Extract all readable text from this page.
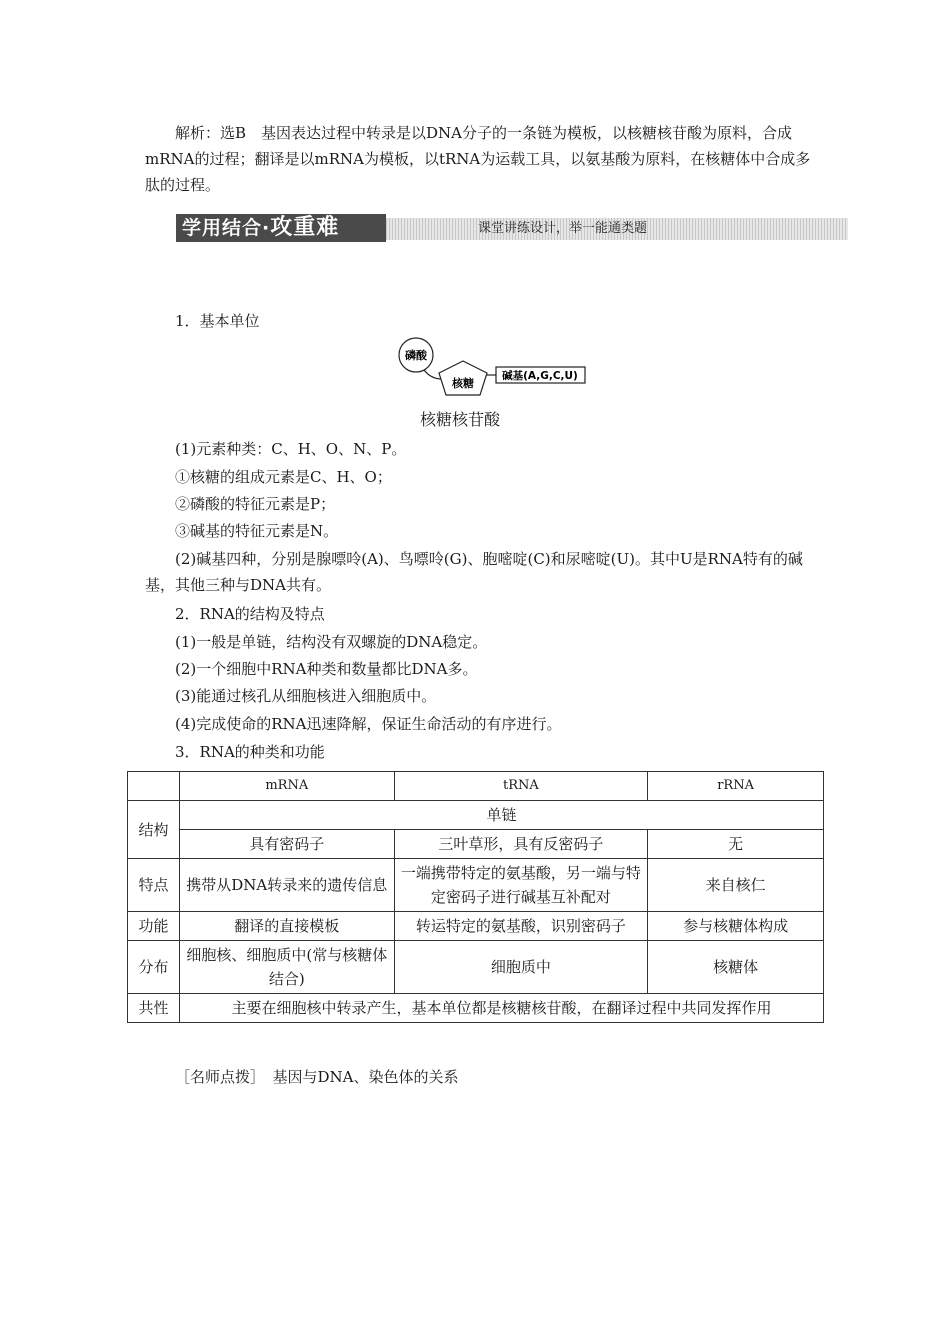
解析：选B　基因表达过程中转录是以DNA分子的一条链为模板，以核糖核苷酸为原料，合成mRNA的过程；翻译是以mRNA为模板，以tRNA为运载工具，以氨基酸为原料，在核糖体中合成多肽的过程。
学用结合·攻重难	课堂讲练设计，举一能通类题
1．基本单位
磷酸
核糖
碱基(A,G,C,U)
核糖核苷酸
(1)元素种类：C、H、O、N、P。
①核糖的组成元素是C、H、O；
②磷酸的特征元素是P；
③碱基的特征元素是N。
(2)碱基四种，分别是腺嘌呤(A)、鸟嘌呤(G)、胞嘧啶(C)和尿嘧啶(U)。其中U是RNA特有的碱基，其他三种与DNA共有。
2．RNA的结构及特点
(1)一般是单链，结构没有双螺旋的DNA稳定。
(2)一个细胞中RNA种类和数量都比DNA多。
(3)能通过核孔从细胞核进入细胞质中。
(4)完成使命的RNA迅速降解，保证生命活动的有序进行。
3．RNA的种类和功能
	mRNA	tRNA	rRNA
结构	单链		
	具有密码子	三叶草形，具有反密码子	无
特点	携带从DNA转录来的遗传信息	一端携带特定的氨基酸，另一端与特定密码子进行碱基互补配对	来自核仁
功能	翻译的直接模板	转运特定的氨基酸，识别密码子	参与核糖体构成
分布	细胞核、细胞质中(常与核糖体结合)	细胞质中	核糖体
共性	主要在细胞核中转录产生，基本单位都是核糖核苷酸，在翻译过程中共同发挥作用		
［名师点拨］　基因与DNA、染色体的关系
